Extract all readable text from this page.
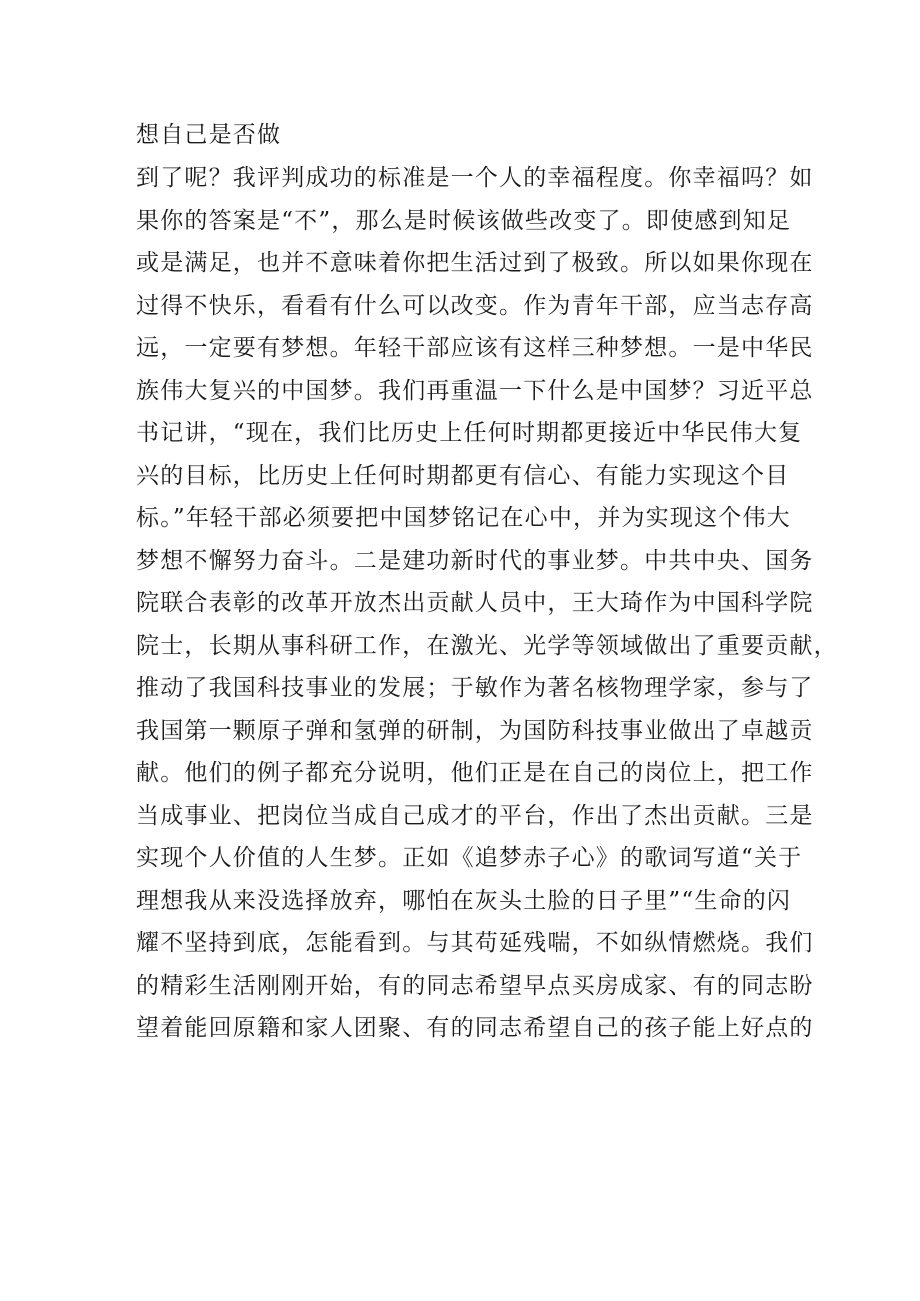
想自己是否做
到了呢？我评判成功的标准是一个人的幸福程度。你幸福吗？如
果你的答案是“不”，那么是时候该做些改变了。即使感到知足
或是满足，也并不意味着你把生活过到了极致。所以如果你现在
过得不快乐，看看有什么可以改变。作为青年干部，应当志存高
远，一定要有梦想。年轻干部应该有这样三种梦想。一是中华民
族伟大复兴的中国梦。我们再重温一下什么是中国梦？习近平总
书记讲，“现在，我们比历史上任何时期都更接近中华民伟大复
兴的目标，比历史上任何时期都更有信心、有能力实现这个目
标。”年轻干部必须要把中国梦铭记在心中，并为实现这个伟大
梦想不懈努力奋斗。二是建功新时代的事业梦。中共中央、国务
院联合表彰的改革开放杰出贡献人员中，王大琦作为中国科学院
院士，长期从事科研工作，在激光、光学等领域做出了重要贡献，
推动了我国科技事业的发展；于敏作为著名核物理学家，参与了
我国第一颗原子弹和氢弹的研制，为国防科技事业做出了卓越贡
献。他们的例子都充分说明，他们正是在自己的岗位上，把工作
当成事业、把岗位当成自己成才的平台，作出了杰出贡献。三是
实现个人价值的人生梦。正如《追梦赤子心》的歌词写道“关于
理想我从来没选择放弃，哪怕在灰头土脸的日子里”“生命的闪
耀不坚持到底，怎能看到。与其苟延残喘，不如纵情燃烧。我们
的精彩生活刚刚开始，有的同志希望早点买房成家、有的同志盼
望着能回原籍和家人团聚、有的同志希望自己的孩子能上好点的
